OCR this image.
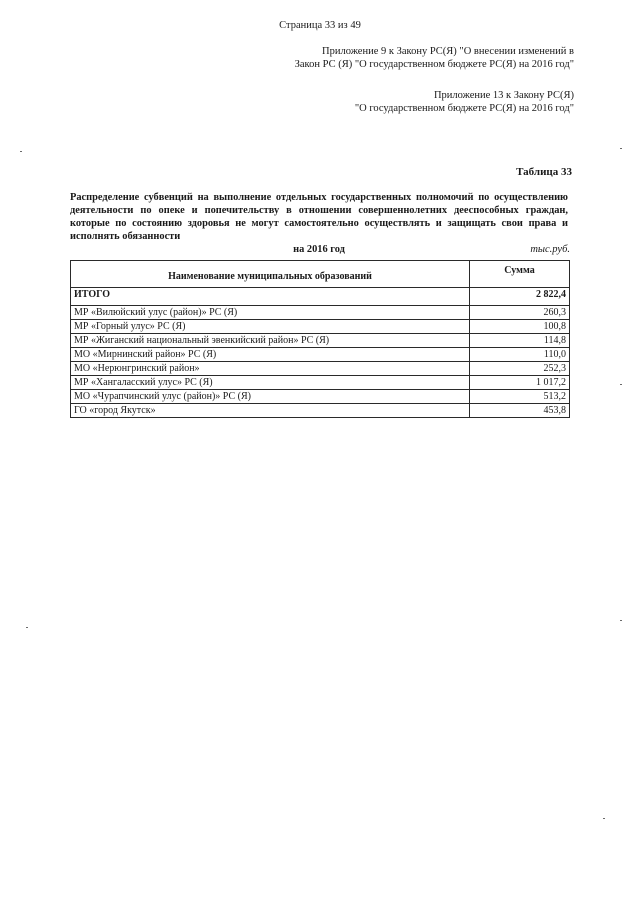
Страница 33 из 49
Приложение 9 к Закону РС(Я) "О внесении изменений в
Закон РС (Я) "О государственном бюджете РС(Я) на 2016 год"
Приложение 13 к Закону РС(Я)
"О государственном бюджете РС(Я) на 2016 год"
Таблица 33
Распределение субвенций на выполнение отдельных государственных полномочий по осуществлению деятельности по опеке и попечительству в отношении совершеннолетних дееспособных граждан, которые по состоянию здоровья не могут самостоятельно осуществлять и защищать свои права и исполнять обязанности
на 2016 год	тыс.руб.
Наименование муниципальных образований	Сумма
ИТОГО	2 822,4
МР «Вилюйский улус (район)» РС (Я)	260,3
МР «Горный улус» РС (Я)	100,8
МР «Жиганский национальный эвенкийский район» РС (Я)	114,8
МО «Мирнинский район» РС (Я)	110,0
МО «Нерюнгринский район»	252,3
МР «Хангаласский улус» РС (Я)	1 017,2
МО «Чурапчинский улус (район)» РС (Я)	513,2
ГО «город Якутск»	453,8
